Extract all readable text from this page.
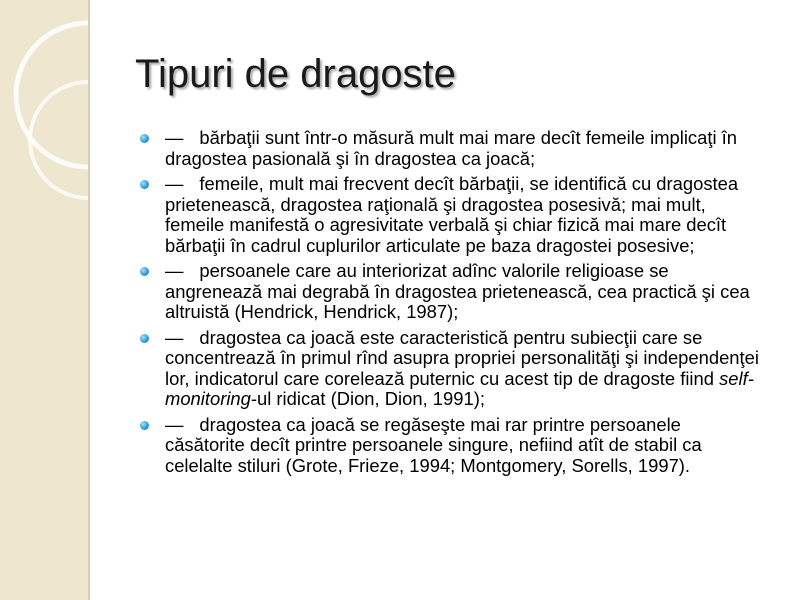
Tipuri de dragoste
— bărbaţii sunt într-o măsură mult mai mare decît femeile implicaţi în dragostea pasională şi în dragostea ca joacă;
— femeile, mult mai frecvent decît bărbaţii, se identifică cu dragostea prietenească, dragostea raţională şi dragostea posesivă; mai mult, femeile manifestă o agresivitate verbală şi chiar fizică mai mare decît bărbaţii în cadrul cuplurilor articulate pe baza dragostei posesive;
— persoanele care au interiorizat adînc valorile religioase se angrenează mai degrabă în dragostea prietenească, cea practică şi cea altruistă (Hendrick, Hendrick, 1987);
— dragostea ca joacă este caracteristică pentru subiecţii care se concentrează în primul rînd asupra propriei personalităţi şi independenţei lor, indicatorul care corelează puternic cu acest tip de dragoste fiind self-monitoring-ul ridicat (Dion, Dion, 1991);
— dragostea ca joacă se regăseşte mai rar printre persoanele căsătorite decît printre persoanele singure, nefiind atît de stabil ca celelalte stiluri (Grote, Frieze, 1994; Montgomery, Sorells, 1997).
